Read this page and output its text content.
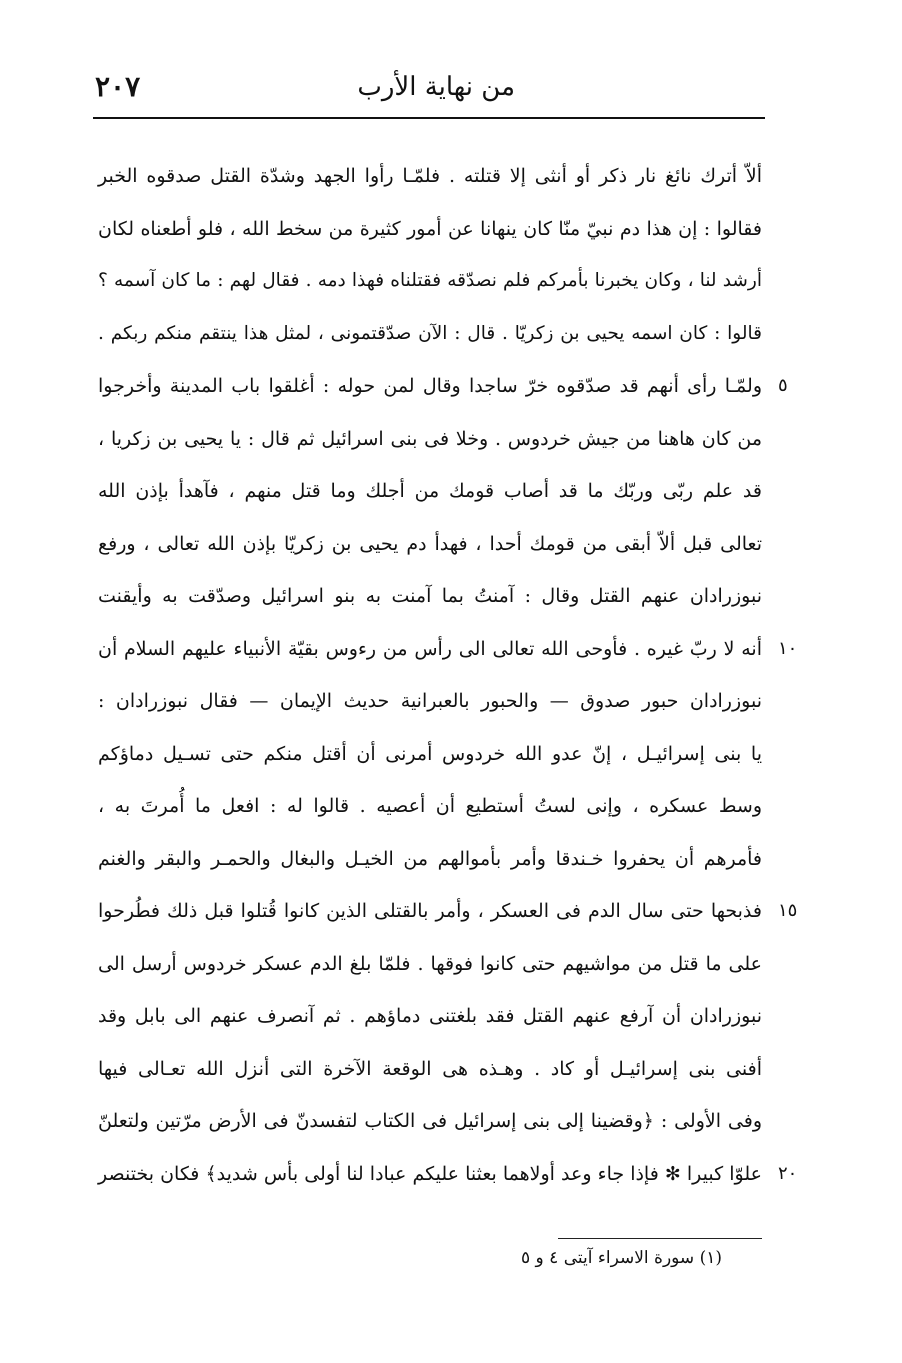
من نهاية الأرب
٢٠٧
ألاّ أترك نائغ نار ذكر أو أنثى إلا قتلته . فلمّـا رأوا الجهد وشدّة القتل صدقوه الخبر
فقالوا : إن هذا دم نبيّ منّا كان ينهانا عن أمور كثيرة من سخط الله ، فلو أطعناه لكان
أرشد لنا ، وكان يخبرنا بأمركم فلم نصدّقه فقتلناه فهذا دمه . فقال لهم : ما كان آسمه ؟
قالوا : كان اسمه يحيى بن زكريّا . قال : الآن صدّقتمونى ، لمثل هذا ينتقم منكم ربكم .
ولمّـا رأى أنهم قد صدّقوه خرّ ساجدا وقال لمن حوله : أغلقوا باب المدينة وأخرجوا ٥
من كان هاهنا من جيش خردوس . وخلا فى بنى اسرائيل ثم قال : يا يحيى بن زكريا ،
قد علم ربّى وربّك ما قد أصاب قومك من أجلك وما قتل منهم ، فآهدأ بإذن الله
تعالى قبل ألاّ أبقى من قومك أحدا ، فهدأ دم يحيى بن زكريّا بإذن الله تعالى ، ورفع
نبوزرادان عنهم القتل وقال : آمنتُ بما آمنت به بنو اسرائيل وصدّقت به وأيقنت
أنه لا ربّ غيره . فأوحى الله تعالى الى رأس من رءوس بقيّة الأنبياء عليهم السلام أن ١٠
نبوزرادان حبور صدوق — والحبور بالعبرانية حديث الإيمان — فقال نبوزرادان :
يا بنى إسرائيـل ، إنّ عدو الله خردوس أمرنى أن أقتل منكم حتى تسـيل دماؤكم
وسط عسكره ، وإنى لستُ أستطيع أن أعصيه . قالوا له : افعل ما أُمرتَ به ،
فأمرهم أن يحفروا خـندقا وأمر بأموالهم من الخيـل والبغال والحمـر والبقر والغنم
فذبحها حتى سال الدم فى العسكر ، وأمر بالقتلى الذين كانوا قُتلوا قبل ذلك فطُرحوا ١٥
على ما قتل من مواشيهم حتى كانوا فوقها . فلمّا بلغ الدم عسكر خردوس أرسل الى
نبوزرادان أن آرفع عنهم القتل فقد بلغتنى دماؤهم . ثم آنصرف عنهم الى بابل وقد
أفنى بنى إسرائيـل أو كاد . وهـذه هى الوقعة الآخرة التى أنزل الله تعـالى فيها
وفى الأولى : ﴿وقضينا إلى بنى إسرائيل فى الكتاب لتفسدنّ فى الأرض مرّتين ولتعلنّ
علوّا كبيرا ✻ فإذا جاء وعد أولاهما بعثنا عليكم عبادا لنا أولى بأس شديد﴾ فكان بختنصر ٢٠
(١) سورة الاسراء آيتى ٤ و ٥
